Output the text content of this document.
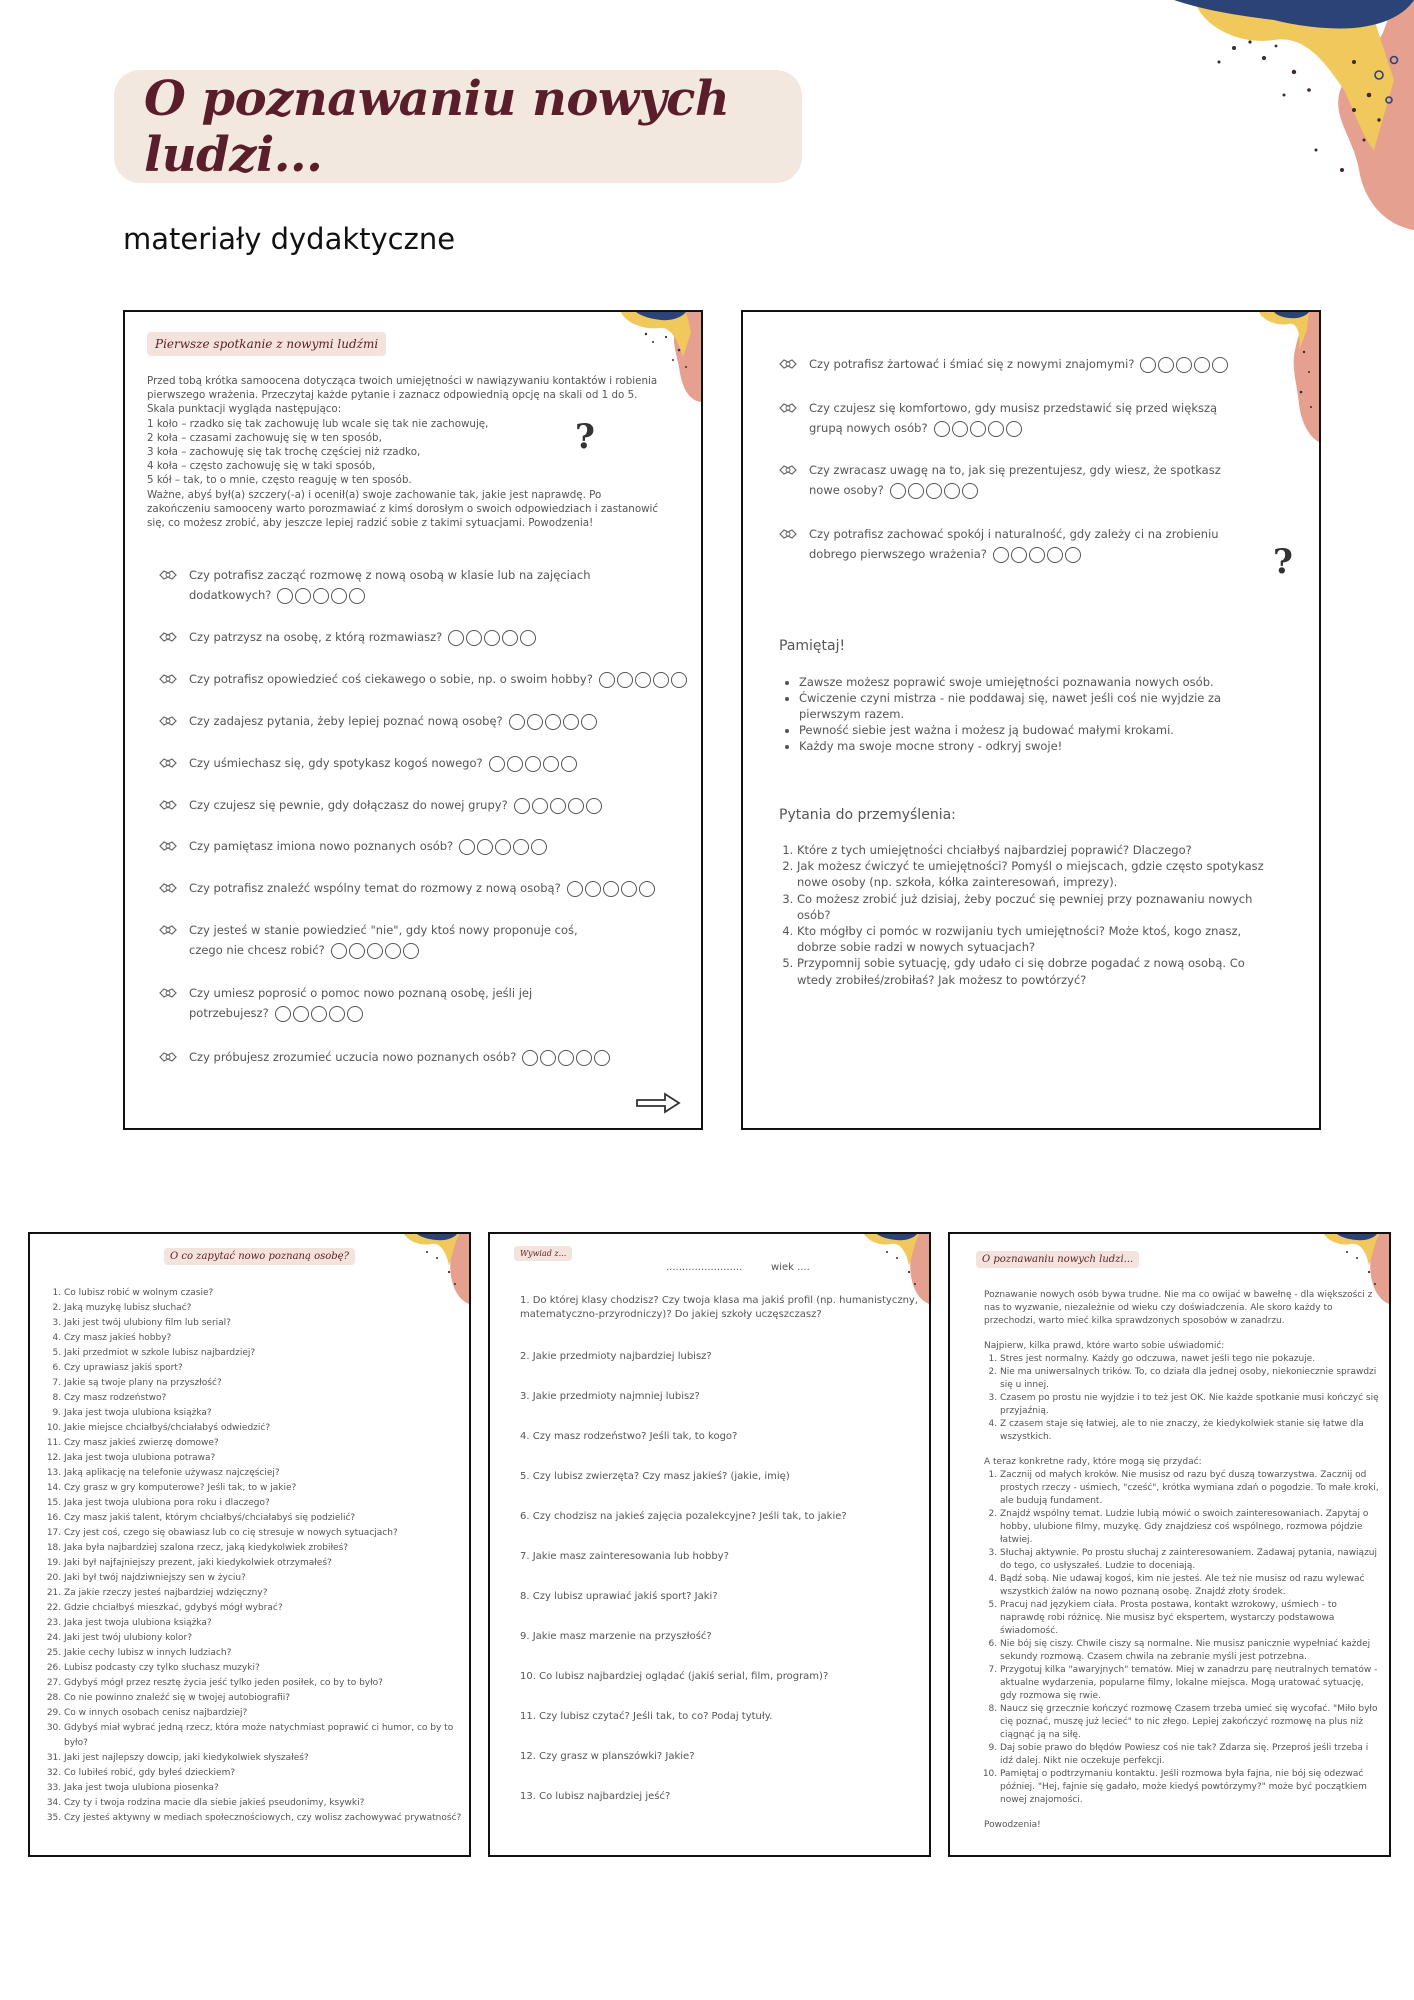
O poznawaniu nowych ludzi...
materiały dydaktyczne
Pierwsze spotkanie z nowymi ludźmi
Przed tobą krótka samoocena dotycząca twoich umiejętności w nawiązywaniu kontaktów i robienia pierwszego wrażenia. Przeczytaj każde pytanie i zaznacz odpowiednią opcję na skali od 1 do 5. Skala punktacji wygląda następująco:
1 koło – rzadko się tak zachowuję lub wcale się tak nie zachowuję,
2 koła – czasami zachowuję się w ten sposób,
3 koła – zachowuję się tak trochę częściej niż rzadko,
4 koła – często zachowuję się w taki sposób,
5 kół – tak, to o mnie, często reaguję w ten sposób.
Ważne, abyś był(a) szczery(-a) i ocenił(a) swoje zachowanie tak, jakie jest naprawdę. Po zakończeniu samooceny warto porozmawiać z kimś dorosłym o swoich odpowiedziach i zastanowić się, co możesz zrobić, aby jeszcze lepiej radzić sobie z takimi sytuacjami. Powodzenia!
?
Czy potrafisz zacząć rozmowę z nową osobą w klasie lub na zajęciach dodatkowych?
Czy patrzysz na osobę, z którą rozmawiasz?
Czy potrafisz opowiedzieć coś ciekawego o sobie, np. o swoim hobby?
Czy zadajesz pytania, żeby lepiej poznać nową osobę?
Czy uśmiechasz się, gdy spotykasz kogoś nowego?
Czy czujesz się pewnie, gdy dołączasz do nowej grupy?
Czy pamiętasz imiona nowo poznanych osób?
Czy potrafisz znaleźć wspólny temat do rozmowy z nową osobą?
Czy jesteś w stanie powiedzieć "nie", gdy ktoś nowy proponuje coś, czego nie chcesz robić?
Czy umiesz poprosić o pomoc nowo poznaną osobę, jeśli jej potrzebujesz?
Czy próbujesz zrozumieć uczucia nowo poznanych osób?
Czy potrafisz żartować i śmiać się z nowymi znajomymi?
Czy czujesz się komfortowo, gdy musisz przedstawić się przed większą grupą nowych osób?
Czy zwracasz uwagę na to, jak się prezentujesz, gdy wiesz, że spotkasz nowe osoby?
Czy potrafisz zachować spokój i naturalność, gdy zależy ci na zrobieniu dobrego pierwszego wrażenia?	?
Pamiętaj!
• Zawsze możesz poprawić swoje umiejętności poznawania nowych osób.
• Ćwiczenie czyni mistrza - nie poddawaj się, nawet jeśli coś nie wyjdzie za pierwszym razem.
• Pewność siebie jest ważna i możesz ją budować małymi krokami.
• Każdy ma swoje mocne strony - odkryj swoje!
Pytania do przemyślenia:
1. Które z tych umiejętności chciałbyś najbardziej poprawić? Dlaczego?
2. Jak możesz ćwiczyć te umiejętności? Pomyśl o miejscach, gdzie często spotykasz nowe osoby (np. szkoła, kółka zainteresowań, imprezy).
3. Co możesz zrobić już dzisiaj, żeby poczuć się pewniej przy poznawaniu nowych osób?
4. Kto mógłby ci pomóc w rozwijaniu tych umiejętności? Może ktoś, kogo znasz, dobrze sobie radzi w nowych sytuacjach?
5. Przypomnij sobie sytuację, gdy udało ci się dobrze pogadać z nową osobą. Co wtedy zrobiłeś/zrobiłaś? Jak możesz to powtórzyć?
O co zapytać nowo poznaną osobę?
1. Co lubisz robić w wolnym czasie?
2. Jaką muzykę lubisz słuchać?
3. Jaki jest twój ulubiony film lub serial?
4. Czy masz jakieś hobby?
5. Jaki przedmiot w szkole lubisz najbardziej?
6. Czy uprawiasz jakiś sport?
7. Jakie są twoje plany na przyszłość?
8. Czy masz rodzeństwo?
9. Jaka jest twoja ulubiona książka?
10. Jakie miejsce chciałbyś/chciałabyś odwiedzić?
11. Czy masz jakieś zwierzę domowe?
12. Jaka jest twoja ulubiona potrawa?
13. Jaką aplikację na telefonie używasz najczęściej?
14. Czy grasz w gry komputerowe? Jeśli tak, to w jakie?
15. Jaka jest twoja ulubiona pora roku i dlaczego?
16. Czy masz jakiś talent, którym chciałbyś/chciałabyś się podzielić?
17. Czy jest coś, czego się obawiasz lub co cię stresuje w nowych sytuacjach?
18. Jaka była najbardziej szalona rzecz, jaką kiedykolwiek zrobiłeś?
19. Jaki był najfajniejszy prezent, jaki kiedykolwiek otrzymałeś?
20. Jaki był twój najdziwniejszy sen w życiu?
21. Za jakie rzeczy jesteś najbardziej wdzięczny?
22. Gdzie chciałbyś mieszkać, gdybyś mógł wybrać?
23. Jaka jest twoja ulubiona książka?
24. Jaki jest twój ulubiony kolor?
25. Jakie cechy lubisz w innych ludziach?
26. Lubisz podcasty czy tylko słuchasz muzyki?
27. Gdybyś mógł przez resztę życia jeść tylko jeden posiłek, co by to było?
28. Co nie powinno znaleźć się w twojej autobiografii?
29. Co w innych osobach cenisz najbardziej?
30. Gdybyś miał wybrać jedną rzecz, która może natychmiast poprawić ci humor, co by to było?
31. Jaki jest najlepszy dowcip, jaki kiedykolwiek słyszałeś?
32. Co lubiłeś robić, gdy byłeś dzieckiem?
33. Jaka jest twoja ulubiona piosenka?
34. Czy ty i twoja rodzina macie dla siebie jakieś pseudonimy, ksywki?
35. Czy jesteś aktywny w mediach społecznościowych, czy wolisz zachowywać prywatność?
Wywiad z...
........................	wiek ....
1. Do której klasy chodzisz? Czy twoja klasa ma jakiś profil (np. humanistyczny, matematyczno-przyrodniczy)? Do jakiej szkoły uczęszczasz?
2. Jakie przedmioty najbardziej lubisz?
3. Jakie przedmioty najmniej lubisz?
4. Czy masz rodzeństwo? Jeśli tak, to kogo?
5. Czy lubisz zwierzęta? Czy masz jakieś? (jakie, imię)
6. Czy chodzisz na jakieś zajęcia pozalekcyjne? Jeśli tak, to jakie?
7. Jakie masz zainteresowania lub hobby?
8. Czy lubisz uprawiać jakiś sport? Jaki?
9. Jakie masz marzenie na przyszłość?
10. Co lubisz najbardziej oglądać (jakiś serial, film, program)?
11. Czy lubisz czytać? Jeśli tak, to co? Podaj tytuły.
12. Czy grasz w planszówki? Jakie?
13. Co lubisz najbardziej jeść?
O poznawaniu nowych ludzi...

Poznawanie nowych osób bywa trudne. Nie ma co owijać w bawełnę - dla większości z nas to wyzwanie, niezależnie od wieku czy doświadczenia. Ale skoro każdy to przechodzi, warto mieć kilka sprawdzonych sposobów w zanadrzu.

Najpierw, kilka prawd, które warto sobie uświadomić:
1. Stres jest normalny. Każdy go odczuwa, nawet jeśli tego nie pokazuje.
2. Nie ma uniwersalnych trików. To, co działa dla jednej osoby, niekoniecznie sprawdzi się u innej.
3. Czasem po prostu nie wyjdzie i to też jest OK. Nie każde spotkanie musi kończyć się przyjaźnią.
4. Z czasem staje się łatwiej, ale to nie znaczy, że kiedykolwiek stanie się łatwe dla wszystkich.
A teraz konkretne rady, które mogą się przydać:
1. Zacznij od małych kroków. Nie musisz od razu być duszą towarzystwa. Zacznij od prostych rzeczy - uśmiech, "cześć", krótka wymiana zdań o pogodzie. To małe kroki, ale budują fundament.
2. Znajdź wspólny temat. Ludzie lubią mówić o swoich zainteresowaniach. Zapytaj o hobby, ulubione filmy, muzykę. Gdy znajdziesz coś wspólnego, rozmowa pójdzie łatwiej.
3. Słuchaj aktywnie. Po prostu słuchaj z zainteresowaniem. Zadawaj pytania, nawiązuj do tego, co usłyszałeś. Ludzie to doceniają.
4. Bądź sobą. Nie udawaj kogoś, kim nie jesteś. Ale też nie musisz od razu wylewać wszystkich żalów na nowo poznaną osobę. Znajdź złoty środek.
5. Pracuj nad językiem ciała. Prosta postawa, kontakt wzrokowy, uśmiech - to naprawdę robi różnicę. Nie musisz być ekspertem, wystarczy podstawowa świadomość.
6. Nie bój się ciszy. Chwile ciszy są normalne. Nie musisz panicznie wypełniać każdej sekundy rozmową. Czasem chwila na zebranie myśli jest potrzebna.
7. Przygotuj kilka "awaryjnych" tematów. Miej w zanadrzu parę neutralnych tematów - aktualne wydarzenia, popularne filmy, lokalne miejsca. Mogą uratować sytuację, gdy rozmowa się rwie.
8. Naucz się grzecznie kończyć rozmowę Czasem trzeba umieć się wycofać. "Miło było cię poznać, muszę już lecieć" to nic złego. Lepiej zakończyć rozmowę na plus niż ciągnąć ją na siłę.
9. Daj sobie prawo do błędów Powiesz coś nie tak? Zdarza się. Przeproś jeśli trzeba i idź dalej. Nikt nie oczekuje perfekcji.
10. Pamiętaj o podtrzymaniu kontaktu. Jeśli rozmowa była fajna, nie bój się odezwać później. "Hej, fajnie się gadało, może kiedyś powtórzymy?" może być początkiem nowej znajomości.

Powodzenia!
